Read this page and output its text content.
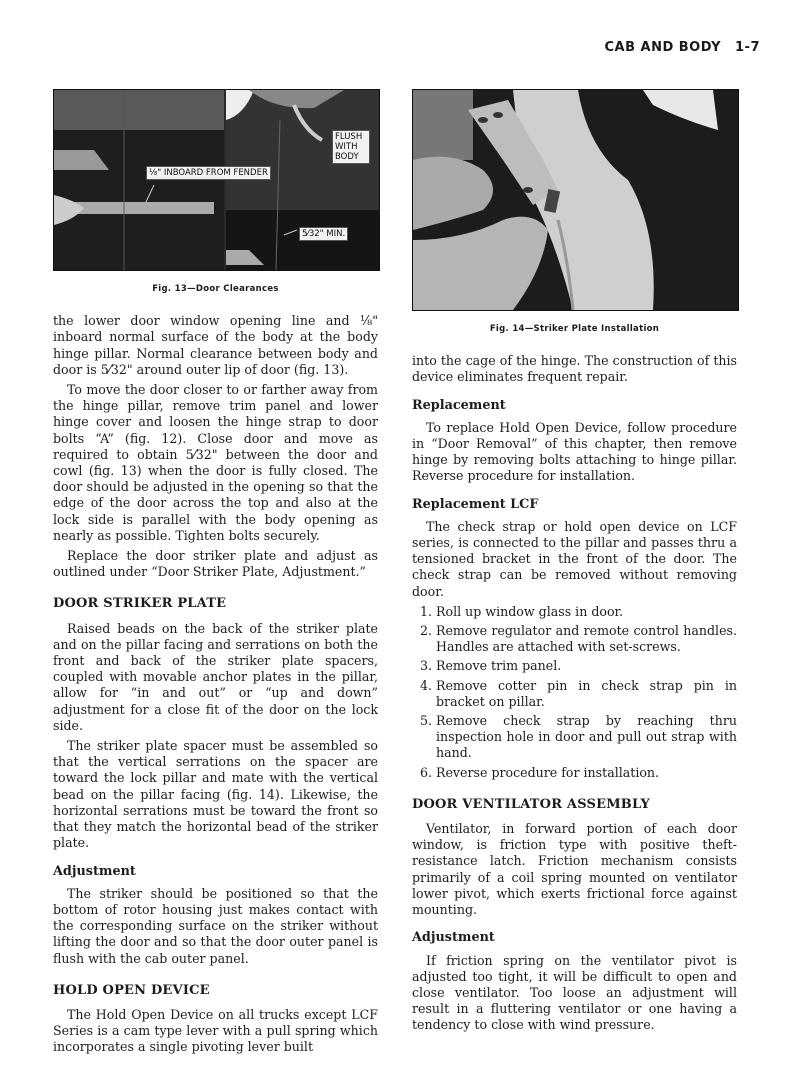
CAB AND BODY 1-7
⅛" INBOARD FROM FENDER
FLUSH WITH BODY
5⁄32" MIN.
Fig. 13—Door Clearances

the lower door window opening line and ⅛" inboard normal surface of the body at the body hinge pillar. Normal clearance between body and door is 5⁄32" around outer lip of door (fig. 13).

To move the door closer to or farther away from the hinge pillar, remove trim panel and lower hinge cover and loosen the hinge strap to door bolts “A” (fig. 12). Close door and move as required to obtain 5⁄32" between the door and cowl (fig. 13) when the door is fully closed. The door should be adjusted in the opening so that the edge of the door across the top and also at the lock side is parallel with the body opening as nearly as possible. Tighten bolts securely.

Replace the door striker plate and adjust as outlined under “Door Striker Plate, Adjustment.”

DOOR STRIKER PLATE

Raised beads on the back of the striker plate and on the pillar facing and serrations on both the front and back of the striker plate spacers, coupled with movable anchor plates in the pillar, allow for “in and out” or “up and down” adjustment for a close fit of the door on the lock side.

The striker plate spacer must be assembled so that the vertical serrations on the spacer are toward the lock pillar and mate with the vertical bead on the pillar facing (fig. 14). Likewise, the horizontal serrations must be toward the front so that they match the horizontal bead of the striker plate.

Adjustment

The striker should be positioned so that the bottom of rotor housing just makes contact with the corresponding surface on the striker without lifting the door and so that the door outer panel is flush with the cab outer panel.

HOLD OPEN DEVICE

The Hold Open Device on all trucks except LCF Series is a cam type lever with a pull spring which incorporates a single pivoting lever built

Fig. 14—Striker Plate Installation

into the cage of the hinge. The construction of this device eliminates frequent repair.

Replacement

To replace Hold Open Device, follow procedure in “Door Removal” of this chapter, then remove hinge by removing bolts attaching to hinge pillar. Reverse procedure for installation.

Replacement LCF

The check strap or hold open device on LCF series, is connected to the pillar and passes thru a tensioned bracket in the front of the door. The check strap can be removed without removing door.

1. Roll up window glass in door.
2. Remove regulator and remote control handles. Handles are attached with set-screws.
3. Remove trim panel.
4. Remove cotter pin in check strap pin in bracket on pillar.
5. Remove check strap by reaching thru inspection hole in door and pull out strap with hand.
6. Reverse procedure for installation.
DOOR VENTILATOR ASSEMBLY

Ventilator, in forward portion of each door window, is friction type with positive theft-resistance latch. Friction mechanism consists primarily of a coil spring mounted on ventilator lower pivot, which exerts frictional force against mounting.

Adjustment

If friction spring on the ventilator pivot is adjusted too tight, it will be difficult to open and close ventilator. Too loose an adjustment will result in a fluttering ventilator or one having a tendency to close with wind pressure.
